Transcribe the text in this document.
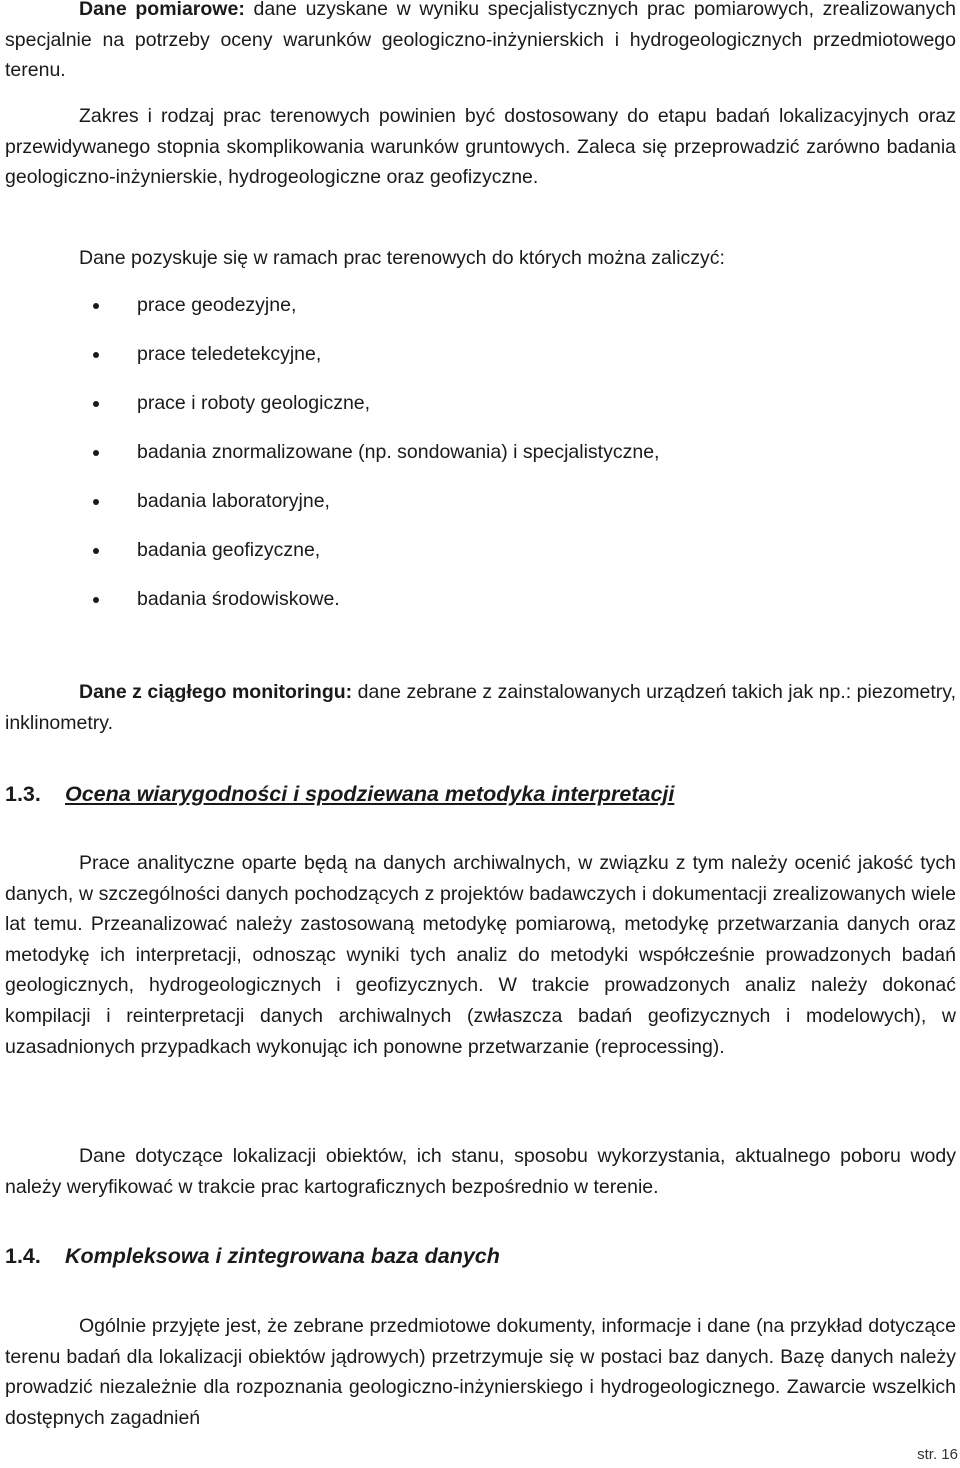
Dane pomiarowe: dane uzyskane w wyniku specjalistycznych prac pomiarowych, zrealizowanych specjalnie na potrzeby oceny warunków geologiczno-inżynierskich i hydrogeologicznych przedmiotowego terenu.

Zakres i rodzaj prac terenowych powinien być dostosowany do etapu badań lokalizacyjnych oraz przewidywanego stopnia skomplikowania warunków gruntowych. Zaleca się przeprowadzić zarówno badania geologiczno-inżynierskie, hydrogeologiczne oraz geofizyczne.

Dane pozyskuje się w ramach prac terenowych do których można zaliczyć:
prace geodezyjne,
prace teledetekcyjne,
prace i roboty geologiczne,
badania znormalizowane (np. sondowania) i specjalistyczne,
badania laboratoryjne,
badania geofizyczne,
badania środowiskowe.

Dane z ciągłego monitoringu: dane zebrane z zainstalowanych urządzeń takich jak np.: piezometry, inklinometry.

1.3. Ocena wiarygodności i spodziewana metodyka interpretacji

Prace analityczne oparte będą na danych archiwalnych, w związku z tym należy ocenić jakość tych danych, w szczególności danych pochodzących z projektów badawczych i dokumentacji zrealizowanych wiele lat temu. Przeanalizować należy zastosowaną metodykę pomiarową, metodykę przetwarzania danych oraz metodykę ich interpretacji, odnosząc wyniki tych analiz do metodyki współcześnie prowadzonych badań geologicznych, hydrogeologicznych i geofizycznych. W trakcie prowadzonych analiz należy dokonać kompilacji i reinterpretacji danych archiwalnych (zwłaszcza badań geofizycznych i modelowych), w uzasadnionych przypadkach wykonując ich ponowne przetwarzanie (reprocessing).

Dane dotyczące lokalizacji obiektów, ich stanu, sposobu wykorzystania, aktualnego poboru wody należy weryfikować w trakcie prac kartograficznych bezpośrednio w terenie.

1.4. Kompleksowa i zintegrowana baza danych

Ogólnie przyjęte jest, że zebrane przedmiotowe dokumenty, informacje i dane (na przykład dotyczące terenu badań dla lokalizacji obiektów jądrowych) przetrzymuje się w postaci baz danych. Bazę danych należy prowadzić niezależnie dla rozpoznania geologiczno-inżynierskiego i hydrogeologicznego. Zawarcie wszelkich dostępnych zagadnień

str. 16
